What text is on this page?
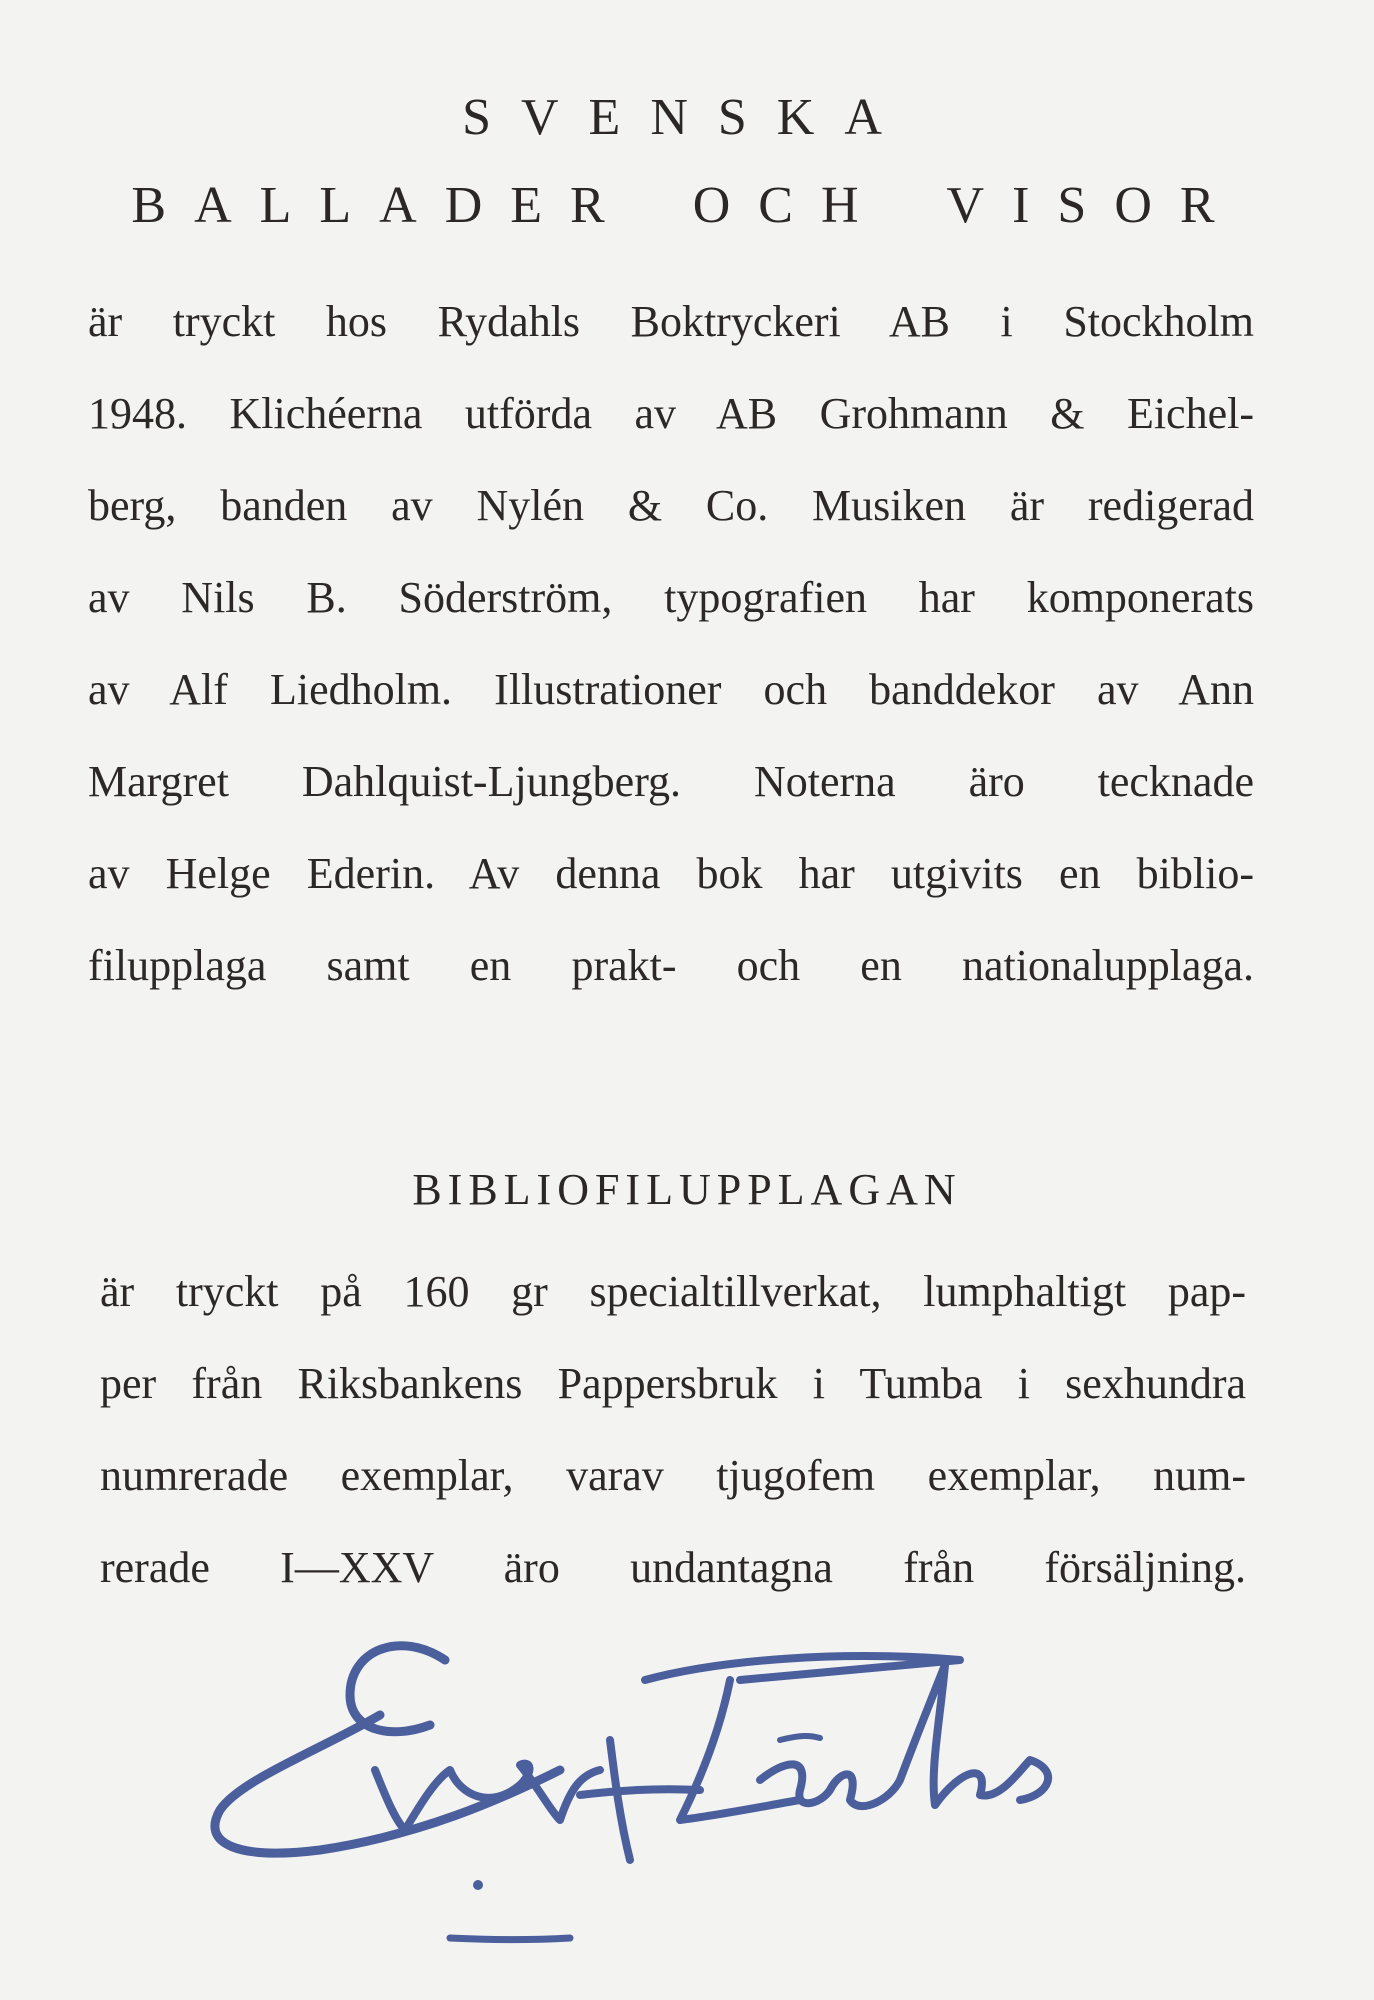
SVENSKA
BALLADER OCH VISOR
är tryckt hos Rydahls Boktryckeri AB i Stockholm
1948. Klichéerna utförda av AB Grohmann & Eichel-
berg, banden av Nylén & Co. Musiken är redigerad
av Nils B. Söderström, typografien har komponerats
av Alf Liedholm. Illustrationer och banddekor av Ann
Margret Dahlquist-Ljungberg. Noterna äro tecknade
av Helge Ederin. Av denna bok har utgivits en biblio-
filupplaga samt en prakt- och en nationalupplaga.
BIBLIOFILUPPLAGAN
är tryckt på 160 gr specialtillverkat, lumphaltigt pap-
per från Riksbankens Pappersbruk i Tumba i sexhundra
numrerade exemplar, varav tjugofem exemplar, num-
rerade I—XXV äro undantagna från försäljning.
